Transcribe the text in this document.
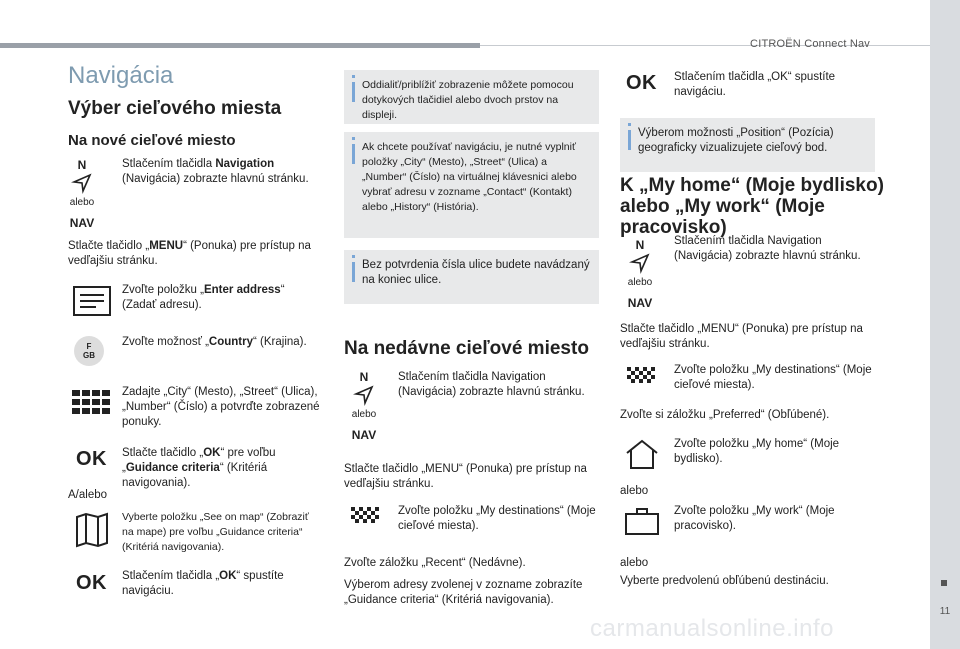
CITROËN Connect Nav
11
Navigácia
Výber cieľového miesta
Na nové cieľové miesto
N
alebo
NAV
Stlačením tlačidla Navigation (Navigácia) zobrazte hlavnú stránku.
Stlačte tlačidlo „MENU“ (Ponuka) pre prístup na vedľajšiu stránku.
Zvoľte položku „Enter address“ (Zadať adresu).
F
GB
Zvoľte možnosť „Country“ (Krajina).
Zadajte „City“ (Mesto), „Street“ (Ulica), „Number“ (Číslo) a potvrďte zobrazené ponuky.
OK Stlačte tlačidlo „OK“ pre voľbu „Guidance criteria“ (Kritériá navigovania).
A/alebo
Vyberte položku „See on map“ (Zobraziť na mape) pre voľbu „Guidance criteria“ (Kritériá navigovania).
OK Stlačením tlačidla „OK“ spustíte navigáciu.
Oddialiť/priblížiť zobrazenie môžete pomocou dotykových tlačidiel alebo dvoch prstov na displeji.
Ak chcete používať navigáciu, je nutné vyplniť položky „City“ (Mesto), „Street“ (Ulica) a „Number“ (Číslo) na virtuálnej klávesnici alebo vybrať adresu v zozname „Contact“ (Kontakt) alebo „History“ (História).
Bez potvrdenia čísla ulice budete navádzaný na koniec ulice.
Na nedávne cieľové miesto
N
alebo
NAV
Stlačením tlačidla Navigation (Navigácia) zobrazte hlavnú stránku.
Stlačte tlačidlo „MENU“ (Ponuka) pre prístup na vedľajšiu stránku.
Zvoľte položku „My destinations“ (Moje cieľové miesta).
Zvoľte záložku „Recent“ (Nedávne).
Výberom adresy zvolenej v zozname zobrazíte „Guidance criteria“ (Kritériá navigovania).
OK Stlačením tlačidla „OK“ spustíte navigáciu.
Výberom možnosti „Position“ (Pozícia) geograficky vizualizujete cieľový bod.
K „My home“ (Moje bydlisko) alebo „My work“ (Moje pracovisko)
N
alebo
NAV
Stlačením tlačidla Navigation (Navigácia) zobrazte hlavnú stránku.
Stlačte tlačidlo „MENU“ (Ponuka) pre prístup na vedľajšiu stránku.
Zvoľte položku „My destinations“ (Moje cieľové miesta).
Zvoľte si záložku „Preferred“ (Obľúbené).
Zvoľte položku „My home“ (Moje bydlisko).
alebo
Zvoľte položku „My work“ (Moje pracovisko).
alebo
Vyberte predvolenú obľúbenú destináciu.
carmanualsonline.info
